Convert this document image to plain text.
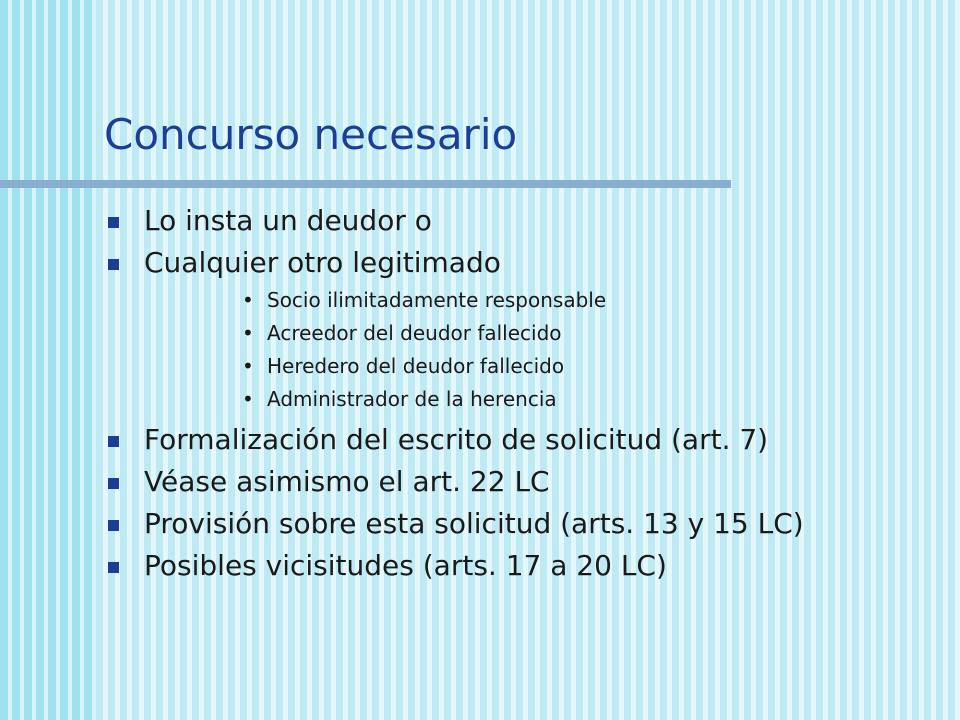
Concurso necesario
Lo insta un deudor o
Cualquier otro legitimado
• Socio ilimitadamente responsable
• Acreedor del deudor fallecido
• Heredero del deudor fallecido
• Administrador de la herencia
Formalización del escrito de solicitud (art. 7)
Véase asimismo el art. 22 LC
Provisión sobre esta solicitud (arts. 13 y 15 LC)
Posibles vicisitudes (arts. 17 a 20 LC)
